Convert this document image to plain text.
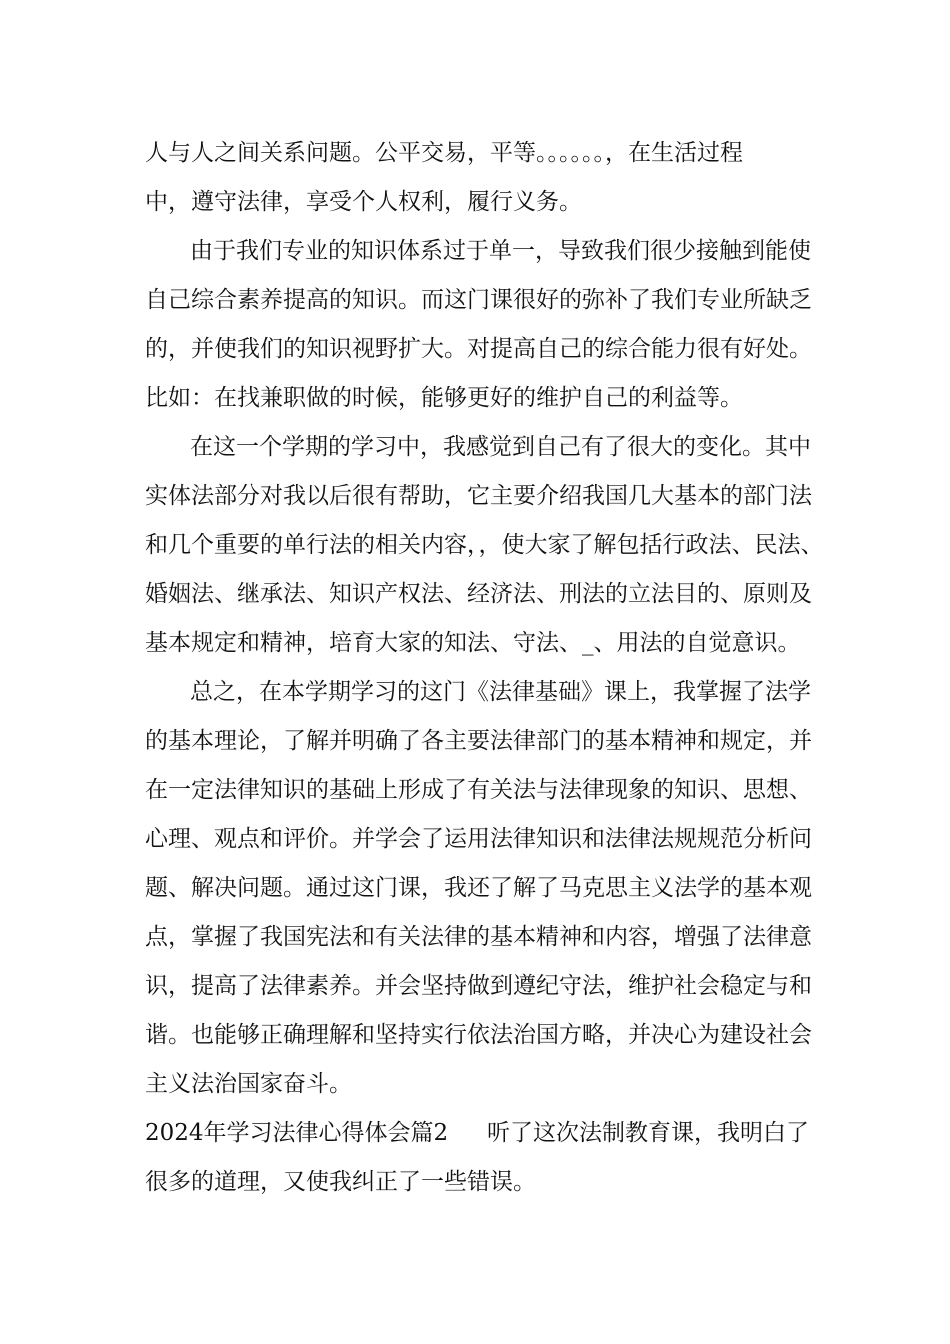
人与人之间关系问题。公平交易，平等。。。。。。，在生活过程
中，遵守法律，享受个人权利，履行义务。
由于我们专业的知识体系过于单一，导致我们很少接触到能使
自己综合素养提高的知识。而这门课很好的弥补了我们专业所缺乏
的，并使我们的知识视野扩大。对提高自己的综合能力很有好处。
比如：在找兼职做的时候，能够更好的维护自己的利益等。
在这一个学期的学习中，我感觉到自己有了很大的变化。其中
实体法部分对我以后很有帮助，它主要介绍我国几大基本的部门法
和几个重要的单行法的相关内容，，使大家了解包括行政法、民法、
婚姻法、继承法、知识产权法、经济法、刑法的立法目的、原则及
基本规定和精神，培育大家的知法、守法、_、用法的自觉意识。
总之，在本学期学习的这门《法律基础》课上，我掌握了法学
的基本理论，了解并明确了各主要法律部门的基本精神和规定，并
在一定法律知识的基础上形成了有关法与法律现象的知识、思想、
心理、观点和评价。并学会了运用法律知识和法律法规规范分析问
题、解决问题。通过这门课，我还了解了马克思主义法学的基本观
点，掌握了我国宪法和有关法律的基本精神和内容，增强了法律意
识，提高了法律素养。并会坚持做到遵纪守法，维护社会稳定与和
谐。也能够正确理解和坚持实行依法治国方略，并决心为建设社会
主义法治国家奋斗。
2024年学习法律心得体会篇2 听了这次法制教育课，我明白了
很多的道理，又使我纠正了一些错误。
